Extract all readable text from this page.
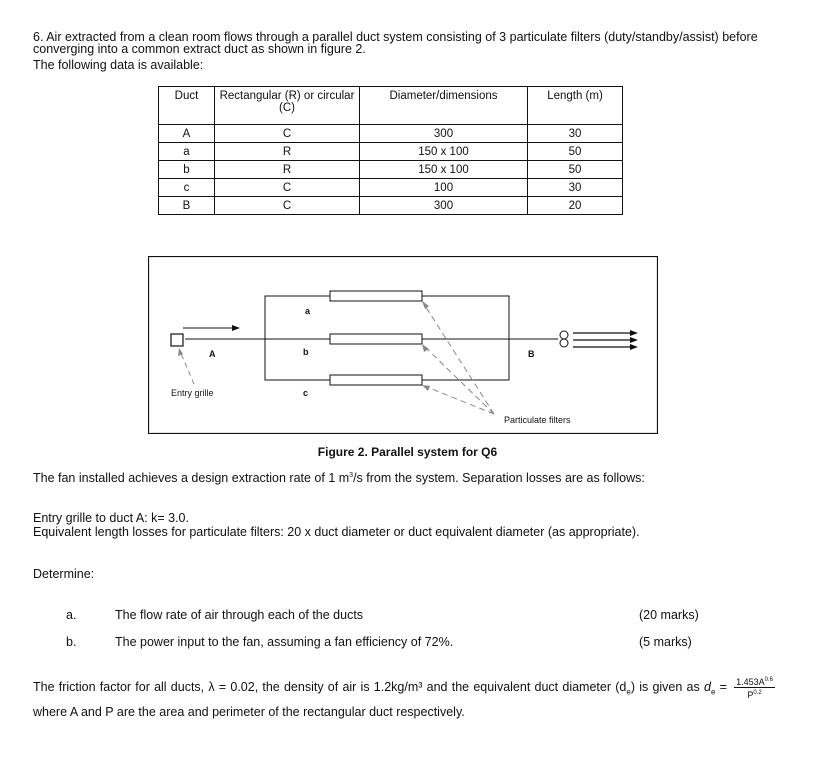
6. Air extracted from a clean room flows through a parallel duct system consisting of 3 particulate filters (duty/standby/assist) before converging into a common extract duct as shown in figure 2.
The following data is available:
Duct	Rectangular (R) or circular (C)	Diameter/dimensions	Length (m)
A	C	300	30
a	R	150 x 100	50
b	R	150 x 100	50
c	C	100	30
B	C	300	20
a
b
c
A	B
Entry grille
Particulate filters
Figure 2. Parallel system for Q6
The fan installed achieves a design extraction rate of 1 $m^3/s$ from the system. Separation losses are as follows:
Entry grille to duct A: k= 3.0.
Equivalent length losses for particulate filters: 20 x duct diameter or duct equivalent diameter (as appropriate).
Determine:
a.	The flow rate of air through each of the ducts	(20 marks)
b.	The power input to the fan, assuming a fan efficiency of 72%.	(5 marks)
The friction factor for all ducts, λ = 0.02, the density of air is 1.2kg/m³ and the equivalent duct diameter $(d_e)$ is given as $d_e = \frac{1.453A^{0.6}}{P^{0.2}}$
where A and P are the area and perimeter of the rectangular duct respectively.
